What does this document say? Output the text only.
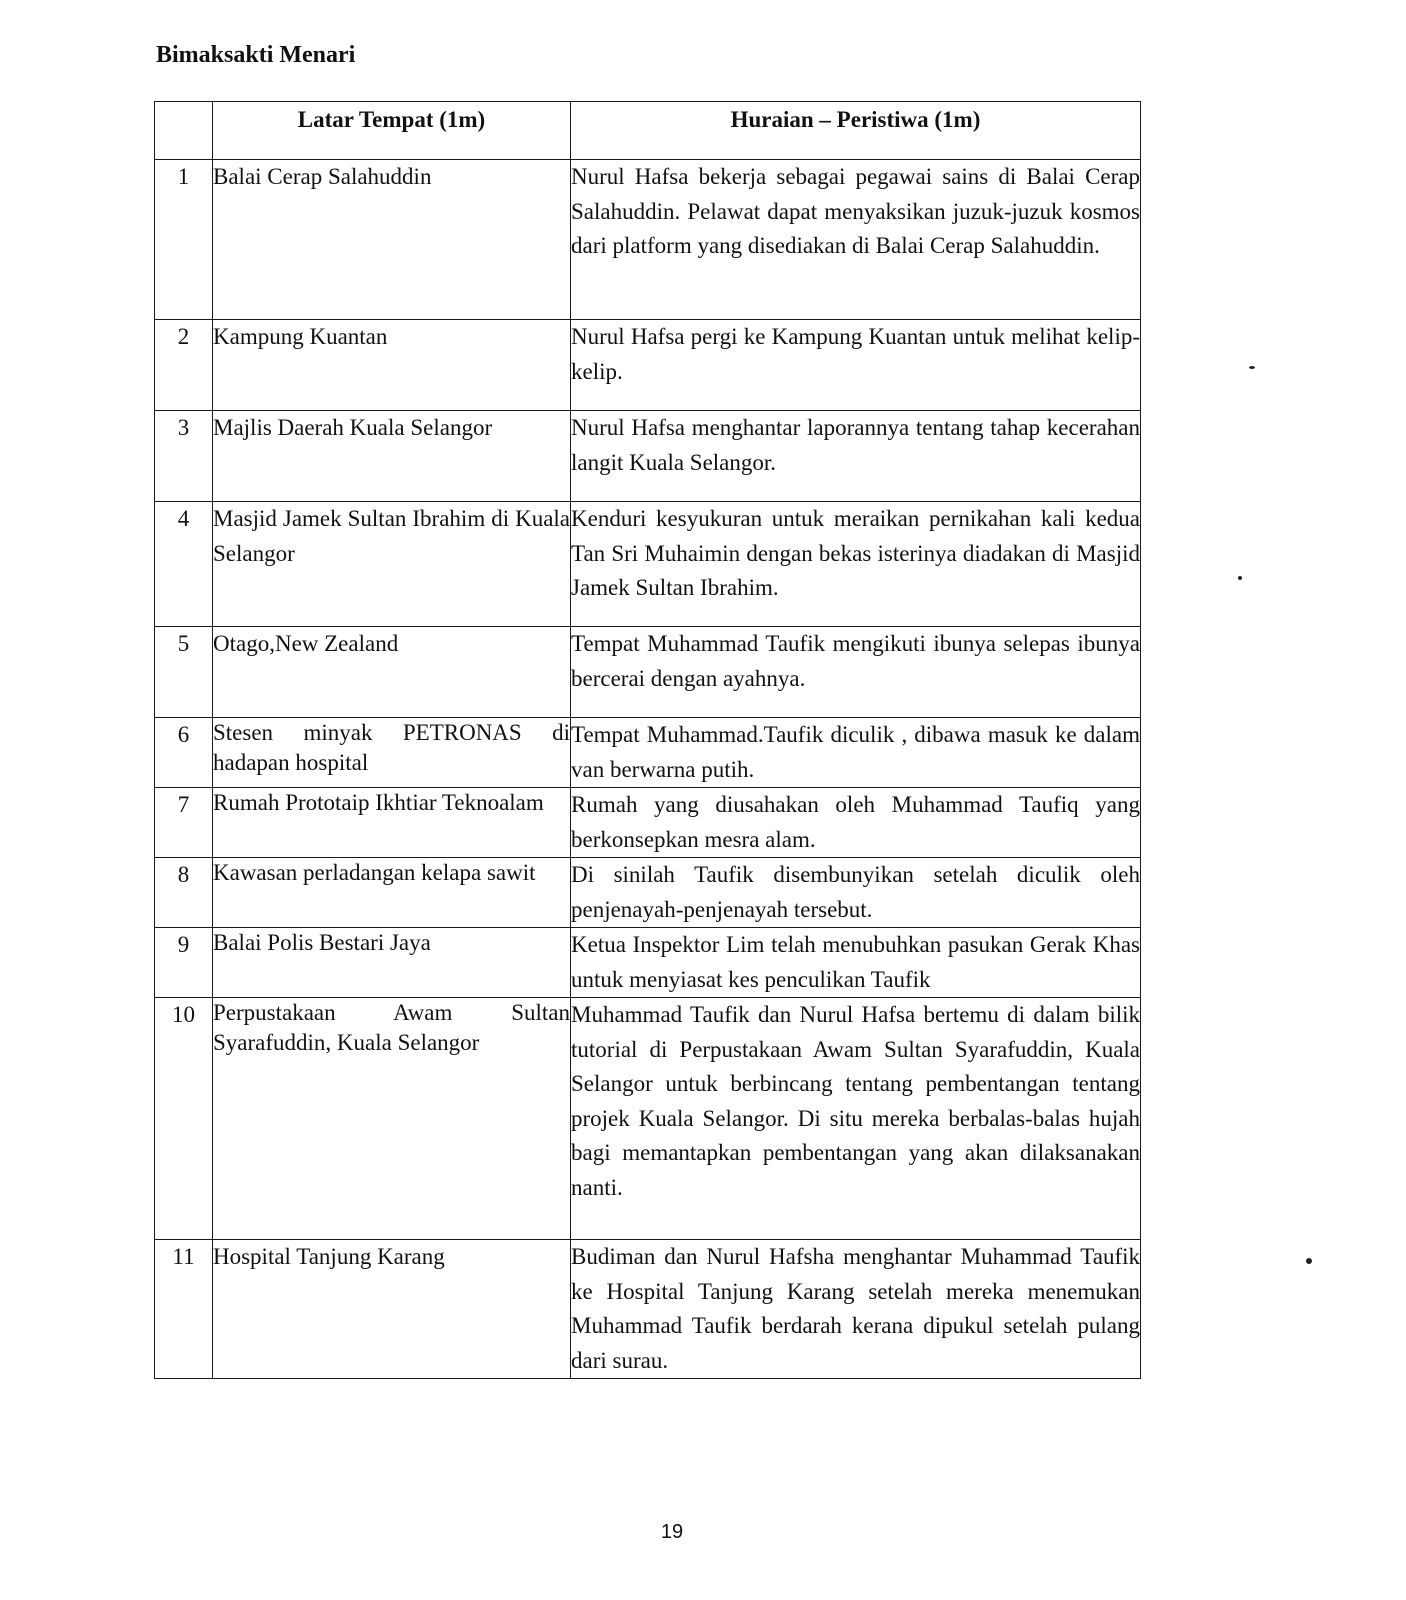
Bimaksakti Menari
	Latar Tempat (1m)	Huraian – Peristiwa (1m)
1	Balai Cerap Salahuddin	Nurul Hafsa bekerja sebagai pegawai sains di Balai Cerap Salahuddin. Pelawat dapat menyaksikan juzuk-juzuk kosmos dari platform yang disediakan di Balai Cerap Salahuddin.
2	Kampung Kuantan	Nurul Hafsa pergi ke Kampung Kuantan untuk melihat kelip-kelip.
3	Majlis Daerah Kuala Selangor	Nurul Hafsa menghantar laporannya tentang tahap kecerahan langit Kuala Selangor.
4	Masjid Jamek Sultan Ibrahim di Kuala Selangor	Kenduri kesyukuran untuk meraikan pernikahan kali kedua Tan Sri Muhaimin dengan bekas isterinya diadakan di Masjid Jamek Sultan Ibrahim.
5	Otago,New Zealand	Tempat Muhammad Taufik mengikuti ibunya selepas ibunya bercerai dengan ayahnya.
6	Stesen minyak PETRONAS di hadapan hospital	Tempat Muhammad.Taufik diculik , dibawa masuk ke dalam van berwarna putih.
7	Rumah Prototaip Ikhtiar Teknoalam	Rumah yang diusahakan oleh Muhammad Taufiq yang berkonsepkan mesra alam.
8	Kawasan perladangan kelapa sawit	Di sinilah Taufik disembunyikan setelah diculik oleh penjenayah-penjenayah tersebut.
9	Balai Polis Bestari Jaya	Ketua Inspektor Lim telah menubuhkan pasukan Gerak Khas untuk menyiasat kes penculikan Taufik
10	Perpustakaan Awam Sultan Syarafuddin, Kuala Selangor	Muhammad Taufik dan Nurul Hafsa bertemu di dalam bilik tutorial di Perpustakaan Awam Sultan Syarafuddin, Kuala Selangor untuk berbincang tentang pembentangan tentang projek Kuala Selangor. Di situ mereka berbalas-balas hujah bagi memantapkan pembentangan yang akan dilaksanakan nanti.
11	Hospital Tanjung Karang	Budiman dan Nurul Hafsha menghantar Muhammad Taufik ke Hospital Tanjung Karang setelah mereka menemukan Muhammad Taufik berdarah kerana dipukul setelah pulang dari surau.
19
